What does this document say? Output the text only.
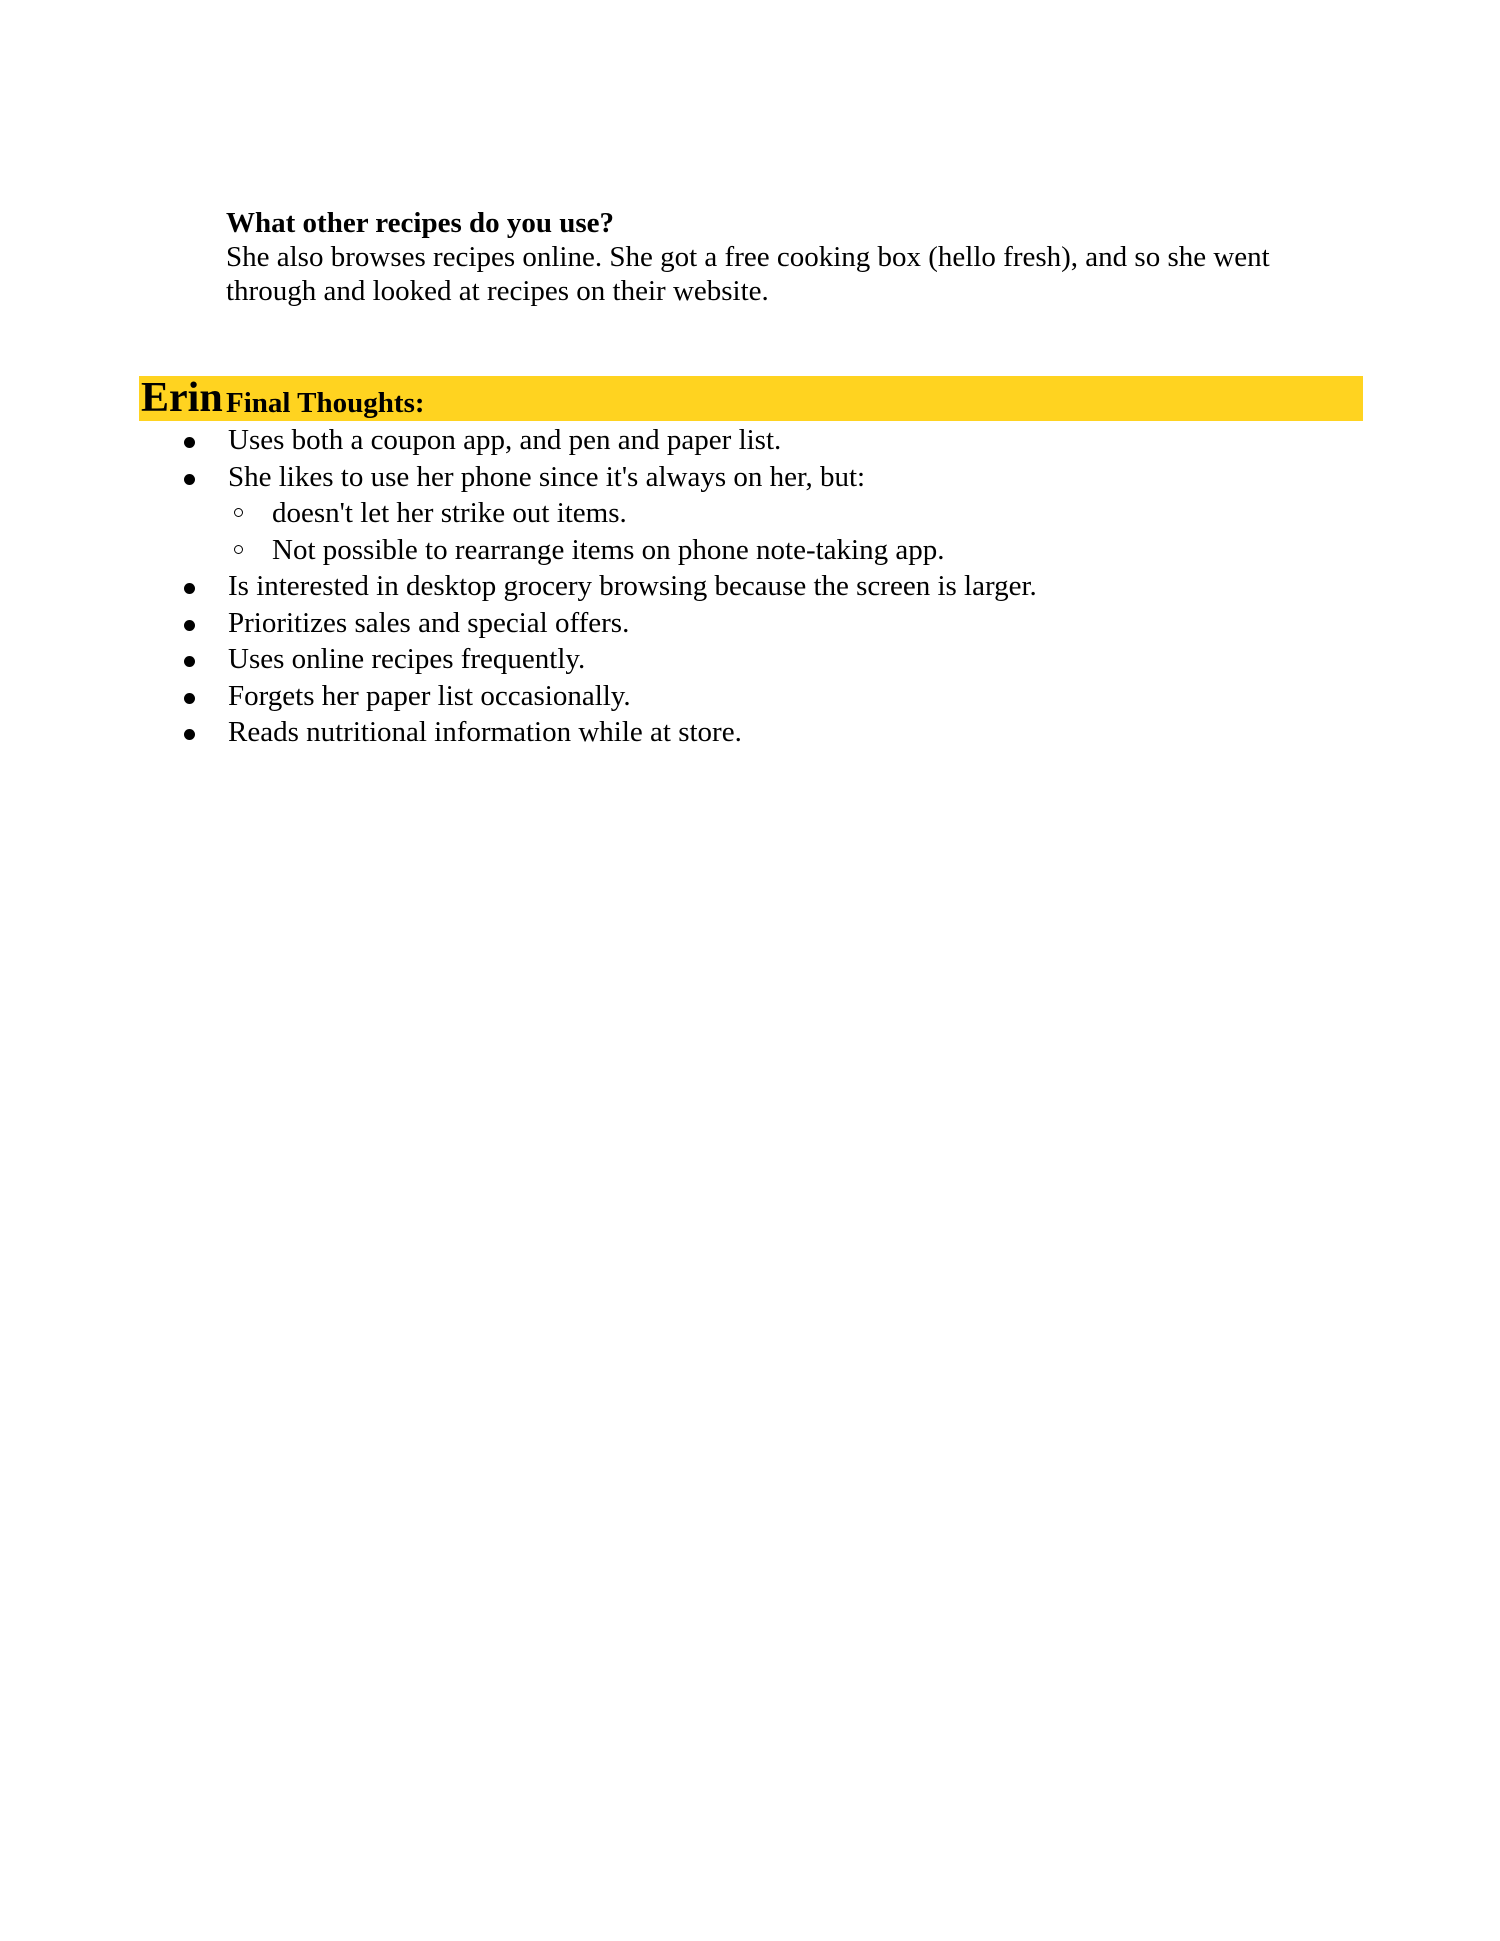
What other recipes do you use?

She also browses recipes online. She got a free cooking box (hello fresh), and so she went

through and looked at recipes on their website.

Erin Final Thoughts:
Uses both a coupon app, and pen and paper list.
She likes to use her phone since it's always on her, but:
doesn't let her strike out items.
Not possible to rearrange items on phone note-taking app.
Is interested in desktop grocery browsing because the screen is larger.
Prioritizes sales and special offers.
Uses online recipes frequently.
Forgets her paper list occasionally.
Reads nutritional information while at store.
